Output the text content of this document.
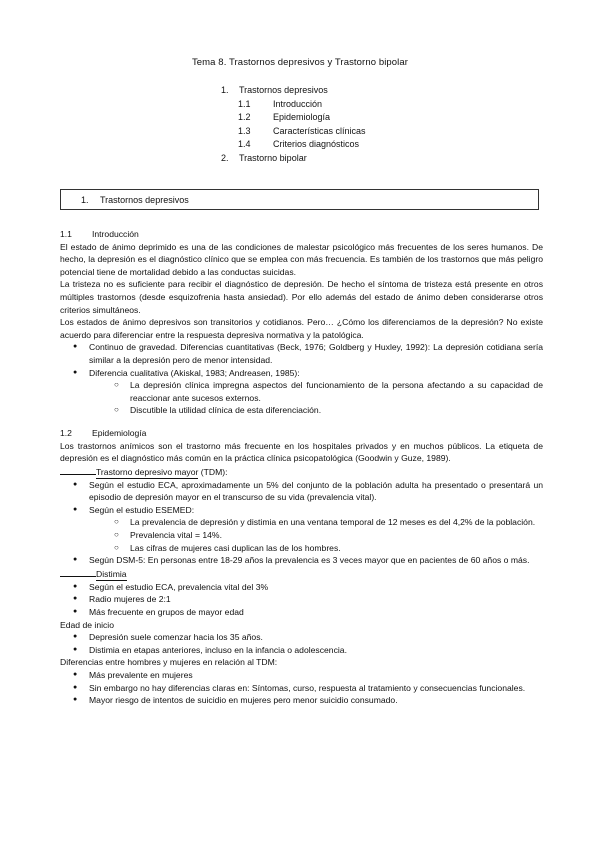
Tema 8. Trastornos depresivos y Trastorno bipolar
1.	Trastornos depresivos
1.1	Introducción
1.2	Epidemiología
1.3	Características clínicas
1.4	Criterios diagnósticos
2.	Trastorno bipolar
1. Trastornos depresivos
1.1	Introducción
El estado de ánimo deprimido es una de las condiciones de malestar psicológico más frecuentes de los seres humanos. De hecho, la depresión es el diagnóstico clínico que se emplea con más frecuencia. Es también de los trastornos que más peligro potencial tiene de mortalidad debido a las conductas suicidas.
La tristeza no es suficiente para recibir el diagnóstico de depresión. De hecho el síntoma de tristeza está presente en otros múltiples trastornos (desde esquizofrenia hasta ansiedad). Por ello además del estado de ánimo deben considerarse otros criterios simultáneos.
Los estados de ánimo depresivos son transitorios y cotidianos. Pero… ¿Cómo los diferenciamos de la depresión? No existe acuerdo para diferenciar entre la respuesta depresiva normativa y la patológica.
● Continuo de gravedad. Diferencias cuantitativas (Beck, 1976; Goldberg y Huxley, 1992): La depresión cotidiana sería similar a la depresión pero de menor intensidad.
● Diferencia cualitativa (Akiskal, 1983; Andreasen, 1985):
○ La depresión clínica impregna aspectos del funcionamiento de la persona afectando a su capacidad de reaccionar ante sucesos externos.
○ Discutible la utilidad clínica de esta diferenciación.
1.2	Epidemiología
Los trastornos anímicos son el trastorno más frecuente en los hospitales privados y en muchos públicos. La etiqueta de depresión es el diagnóstico más común en la práctica clínica psicopatológica (Goodwin y Guze, 1989).
Trastorno depresivo mayor (TDM):
● Según el estudio ECA, aproximadamente un 5% del conjunto de la población adulta ha presentado o presentará un episodio de depresión mayor en el transcurso de su vida (prevalencia vital).
● Según el estudio ESEMED:
○ La prevalencia de depresión y distimia en una ventana temporal de 12 meses es del 4,2% de la población.
○ Prevalencia vital = 14%.
○ Las cifras de mujeres casi duplican las de los hombres.
● Según DSM-5: En personas entre 18-29 años la prevalencia es 3 veces mayor que en pacientes de 60 años o más.
Distimia
● Según el estudio ECA, prevalencia vital del 3%
● Radio mujeres de 2:1
● Más frecuente en grupos de mayor edad
Edad de inicio
● Depresión suele comenzar hacia los 35 años.
● Distimia en etapas anteriores, incluso en la infancia o adolescencia.
Diferencias entre hombres y mujeres en relación al TDM:
● Más prevalente en mujeres
● Sin embargo no hay diferencias claras en: Síntomas, curso, respuesta al tratamiento y consecuencias funcionales.
● Mayor riesgo de intentos de suicidio en mujeres pero menor suicidio consumado.
